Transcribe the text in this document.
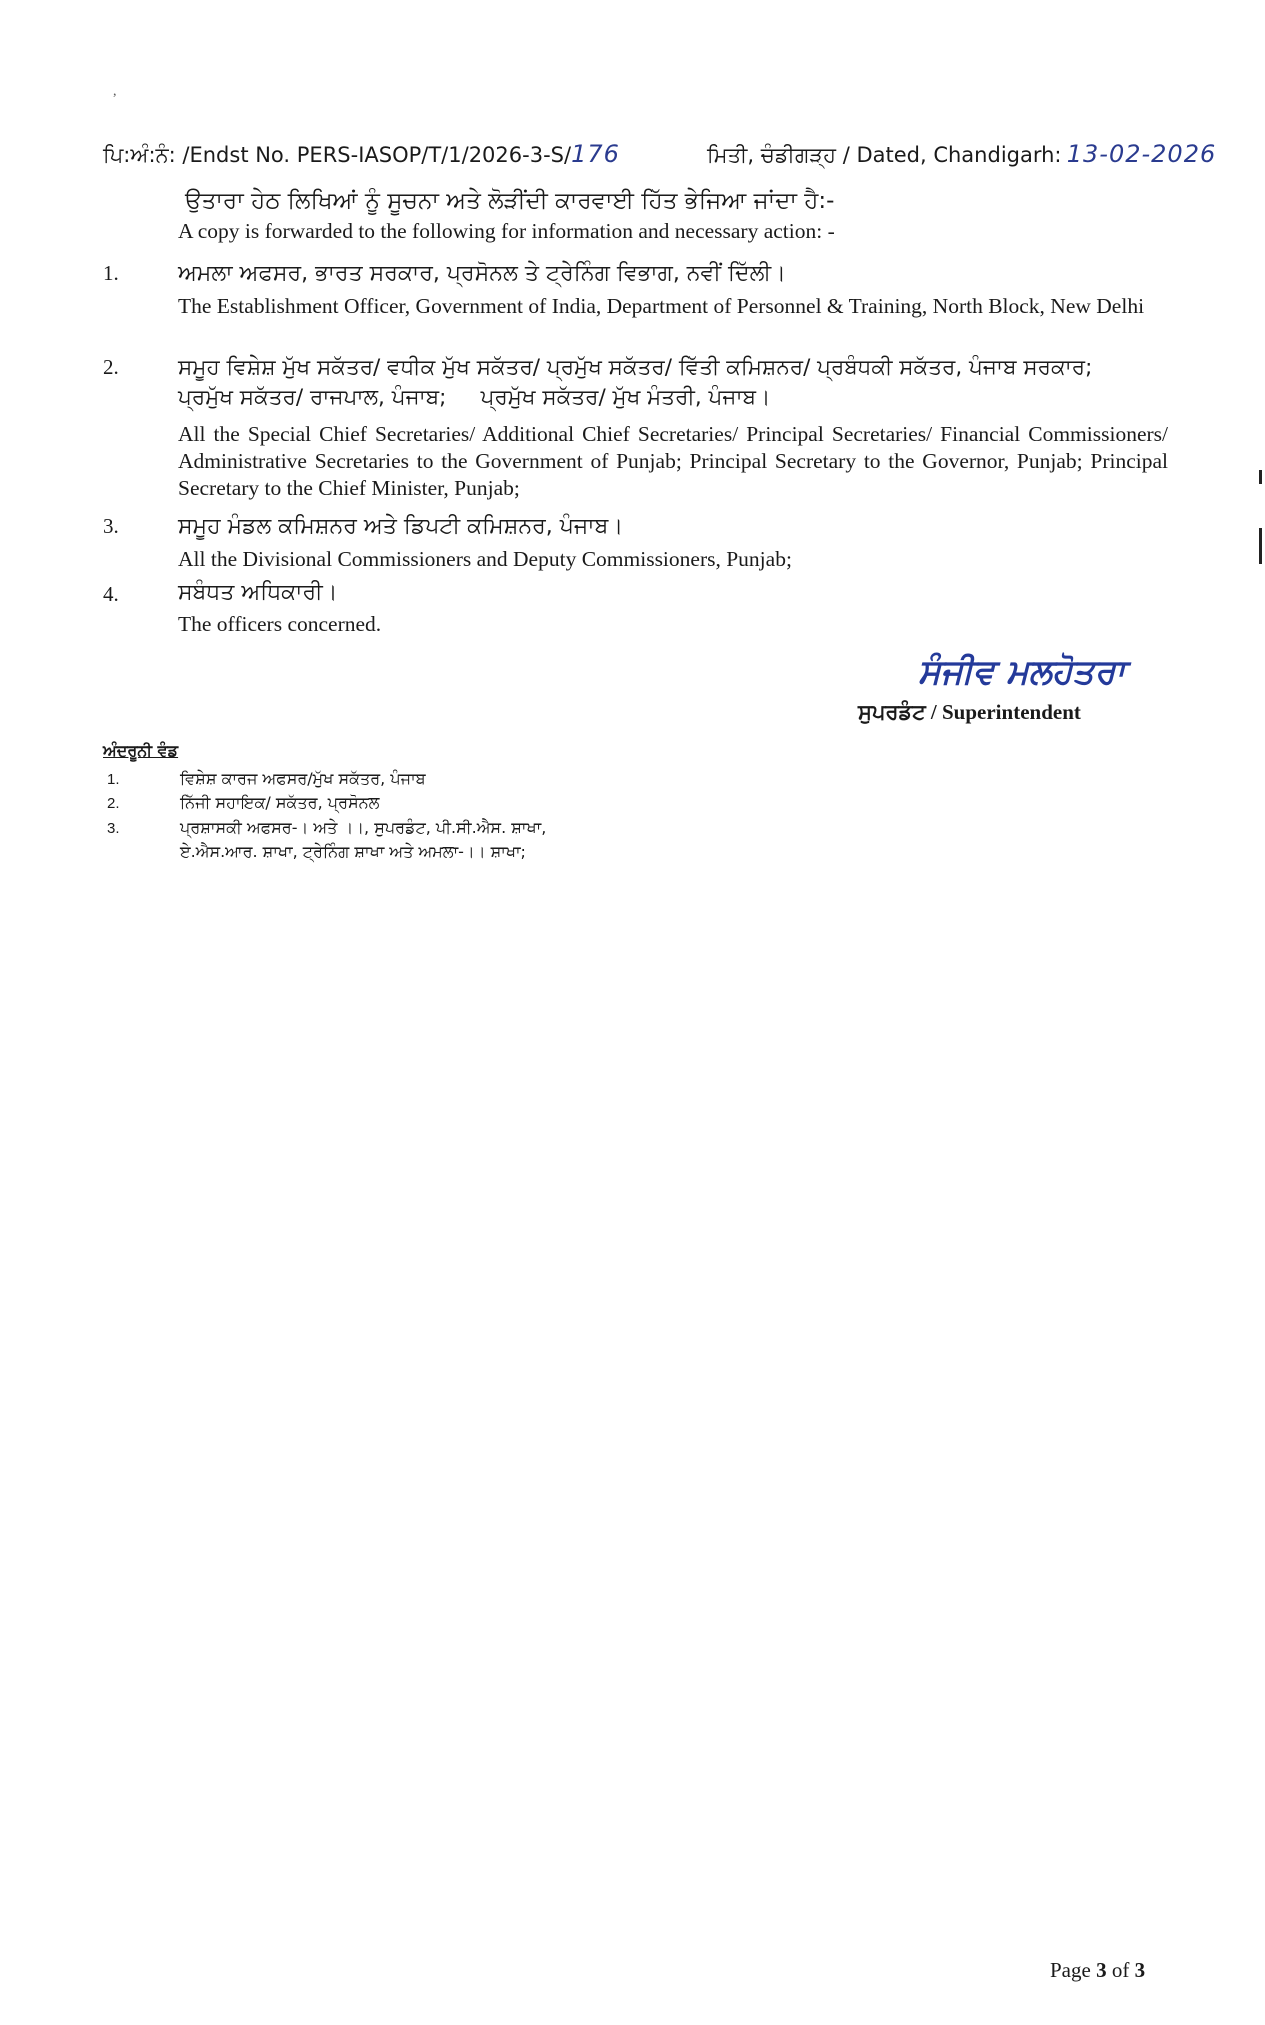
,
ਪਿ:ਅੰ:ਨੰ: /Endst No. PERS-IASOP/T/1/2026-3-S/176	ਮਿਤੀ, ਚੰਡੀਗੜ੍ਹ / Dated, Chandigarh: 13-02-2026
ਉਤਾਰਾ ਹੇਠ ਲਿਖਿਆਂ ਨੂੰ ਸੂਚਨਾ ਅਤੇ ਲੋੜੀਂਦੀ ਕਾਰਵਾਈ ਹਿੱਤ ਭੇਜਿਆ ਜਾਂਦਾ ਹੈ:-
A copy is forwarded to the following for information and necessary action: -
1.	ਅਮਲਾ ਅਫਸਰ, ਭਾਰਤ ਸਰਕਾਰ, ਪ੍ਰਸੋਨਲ ਤੇ ਟ੍ਰੇਨਿੰਗ ਵਿਭਾਗ, ਨਵੀਂ ਦਿੱਲੀ।
The Establishment Officer, Government of India, Department of Personnel & Training, North Block, New Delhi
2.	ਸਮੂਹ ਵਿਸ਼ੇਸ਼ ਮੁੱਖ ਸਕੱਤਰ/ ਵਧੀਕ ਮੁੱਖ ਸਕੱਤਰ/ ਪ੍ਰਮੁੱਖ ਸਕੱਤਰ/ ਵਿੱਤੀ ਕਮਿਸ਼ਨਰ/ ਪ੍ਰਬੰਧਕੀ ਸਕੱਤਰ, ਪੰਜਾਬ ਸਰਕਾਰ;
ਪ੍ਰਮੁੱਖ ਸਕੱਤਰ/ ਰਾਜਪਾਲ, ਪੰਜਾਬ;     ਪ੍ਰਮੁੱਖ ਸਕੱਤਰ/ ਮੁੱਖ ਮੰਤਰੀ, ਪੰਜਾਬ।
All the Special Chief Secretaries/ Additional Chief Secretaries/ Principal Secretaries/ Financial Commissioners/ Administrative Secretaries to the Government of Punjab; Principal Secretary to the Governor, Punjab; Principal Secretary to the Chief Minister, Punjab;
3.	ਸਮੂਹ ਮੰਡਲ ਕਮਿਸ਼ਨਰ ਅਤੇ ਡਿਪਟੀ ਕਮਿਸ਼ਨਰ, ਪੰਜਾਬ।
All the Divisional Commissioners and Deputy Commissioners, Punjab;
4.	ਸਬੰਧਤ ਅਧਿਕਾਰੀ।
The officers concerned.
ਸੰਜੀਵ ਮਲਹੋਤਰਾ
ਸੁਪਰਡੰਟ / Superintendent
ਅੰਦਰੂਨੀ ਵੰਡ
1.	ਵਿਸ਼ੇਸ਼ ਕਾਰਜ ਅਫਸਰ/ਮੁੱਖ ਸਕੱਤਰ, ਪੰਜਾਬ
2.	ਨਿੱਜੀ ਸਹਾਇਕ/ ਸਕੱਤਰ, ਪ੍ਰਸੋਨਲ
3.	ਪ੍ਰਸ਼ਾਸਕੀ ਅਫਸਰ-। ਅਤੇ ।।, ਸੁਪਰਡੰਟ, ਪੀ.ਸੀ.ਐਸ. ਸ਼ਾਖਾ,
ਏ.ਐਸ.ਆਰ. ਸ਼ਾਖਾ, ਟ੍ਰੇਨਿੰਗ ਸ਼ਾਖਾ ਅਤੇ ਅਮਲਾ-।। ਸ਼ਾਖਾ;
Page 3 of 3
